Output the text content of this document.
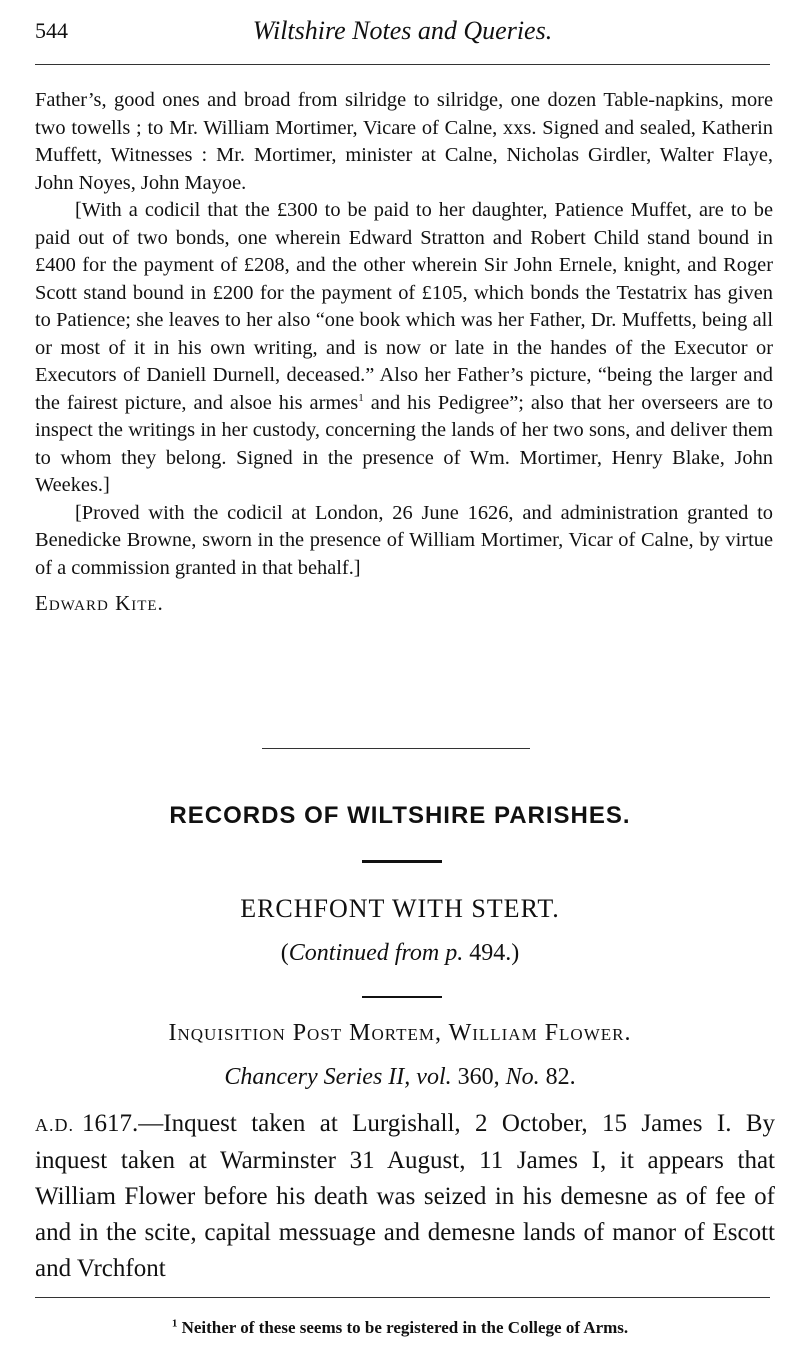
544	Wiltshire Notes and Queries.

Father’s, good ones and broad from silridge to silridge, one dozen Table-napkins, more two towells ; to Mr. William Mortimer, Vicare of Calne, xxs. Signed and sealed, Katherin Muffett, Witnesses : Mr. Mortimer, minister at Calne, Nicholas Girdler, Walter Flaye, John Noyes, John Mayoe.

[With a codicil that the £300 to be paid to her daughter, Patience Muffet, are to be paid out of two bonds, one wherein Edward Stratton and Robert Child stand bound in £400 for the payment of £208, and the other wherein Sir John Ernele, knight, and Roger Scott stand bound in £200 for the payment of £105, which bonds the Testatrix has given to Patience; she leaves to her also “one book which was her Father, Dr. Muffetts, being all or most of it in his own writing, and is now or late in the handes of the Executor or Executors of Daniell Durnell, deceased.” Also her Father’s picture, “being the larger and the fairest picture, and alsoe his armes$^1$ and his Pedigree”; also that her overseers are to inspect the writings in her custody, concerning the lands of her two sons, and deliver them to whom they belong. Signed in the presence of Wm. Mortimer, Henry Blake, John Weekes.]

[Proved with the codicil at London, 26 June 1626, and administration granted to Benedicke Browne, sworn in the presence of William Mortimer, Vicar of Calne, by virtue of a commission granted in that behalf.]

Edward Kite.

RECORDS OF WILTSHIRE PARISHES.
ERCHFONT WITH STERT.
(Continued from p. 494.)
Inquisition Post Mortem, William Flower.
Chancery Series II, vol. 360, No. 82.
A.D. 1617.—Inquest taken at Lurgishall, 2 October, 15 James I. By inquest taken at Warminster 31 August, 11 James I, it appears that William Flower before his death was seized in his demesne as of fee of and in the scite, capital messuage and demesne lands of manor of Escott and Vrchfont
$^1$ Neither of these seems to be registered in the College of Arms.
